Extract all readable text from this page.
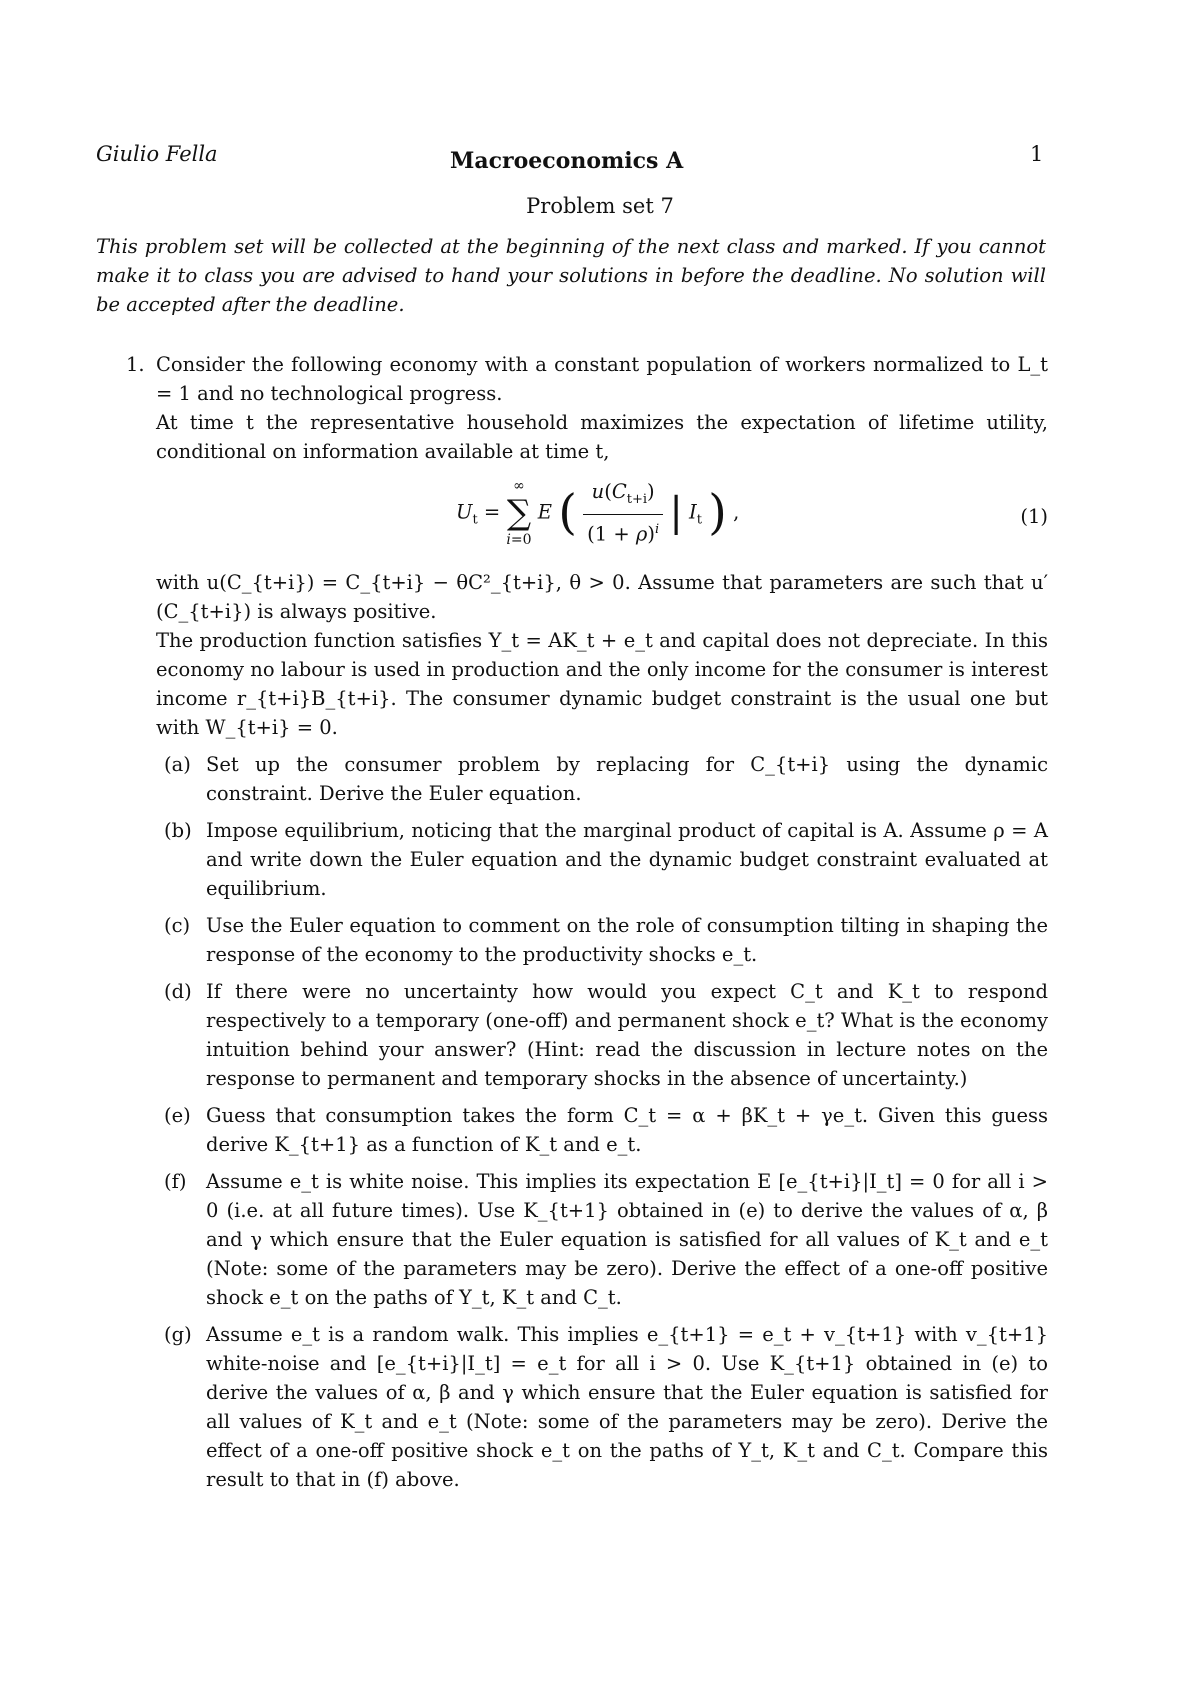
Giulio Fella	Macroeconomics A	1
Problem set 7
This problem set will be collected at the beginning of the next class and marked. If you cannot make it to class you are advised to hand your solutions in before the deadline. No solution will be accepted after the deadline.
1. Consider the following economy with a constant population of workers normalized to L_t = 1 and no technological progress.
At time t the representative household maximizes the expectation of lifetime utility, conditional on information available at time t,
$U_t$ =
∞
∑
i=0
E ( $\frac{u(C_{t+i})}{(1 + \rho)^i}$ | $I_t$ ) ,	(1)
with u(C_{t+i}) = C_{t+i} − θC²_{t+i}, θ > 0. Assume that parameters are such that u′(C_{t+i}) is always positive.
The production function satisfies Y_t = AK_t + e_t and capital does not depreciate. In this economy no labour is used in production and the only income for the consumer is interest income r_{t+i}B_{t+i}. The consumer dynamic budget constraint is the usual one but with W_{t+i} = 0.
(a) Set up the consumer problem by replacing for C_{t+i} using the dynamic constraint. Derive the Euler equation.
(b) Impose equilibrium, noticing that the marginal product of capital is A. Assume ρ = A and write down the Euler equation and the dynamic budget constraint evaluated at equilibrium.
(c) Use the Euler equation to comment on the role of consumption tilting in shaping the response of the economy to the productivity shocks e_t.
(d) If there were no uncertainty how would you expect C_t and K_t to respond respectively to a temporary (one-off) and permanent shock e_t? What is the economy intuition behind your answer? (Hint: read the discussion in lecture notes on the response to permanent and temporary shocks in the absence of uncertainty.)
(e) Guess that consumption takes the form C_t = α + βK_t + γe_t. Given this guess derive K_{t+1} as a function of K_t and e_t.
(f) Assume e_t is white noise. This implies its expectation E [e_{t+i}|I_t] = 0 for all i > 0 (i.e. at all future times). Use K_{t+1} obtained in (e) to derive the values of α, β and γ which ensure that the Euler equation is satisfied for all values of K_t and e_t (Note: some of the parameters may be zero). Derive the effect of a one-off positive shock e_t on the paths of Y_t, K_t and C_t.
(g) Assume e_t is a random walk. This implies e_{t+1} = e_t + v_{t+1} with v_{t+1} white-noise and [e_{t+i}|I_t] = e_t for all i > 0. Use K_{t+1} obtained in (e) to derive the values of α, β and γ which ensure that the Euler equation is satisfied for all values of K_t and e_t (Note: some of the parameters may be zero). Derive the effect of a one-off positive shock e_t on the paths of Y_t, K_t and C_t. Compare this result to that in (f) above.
